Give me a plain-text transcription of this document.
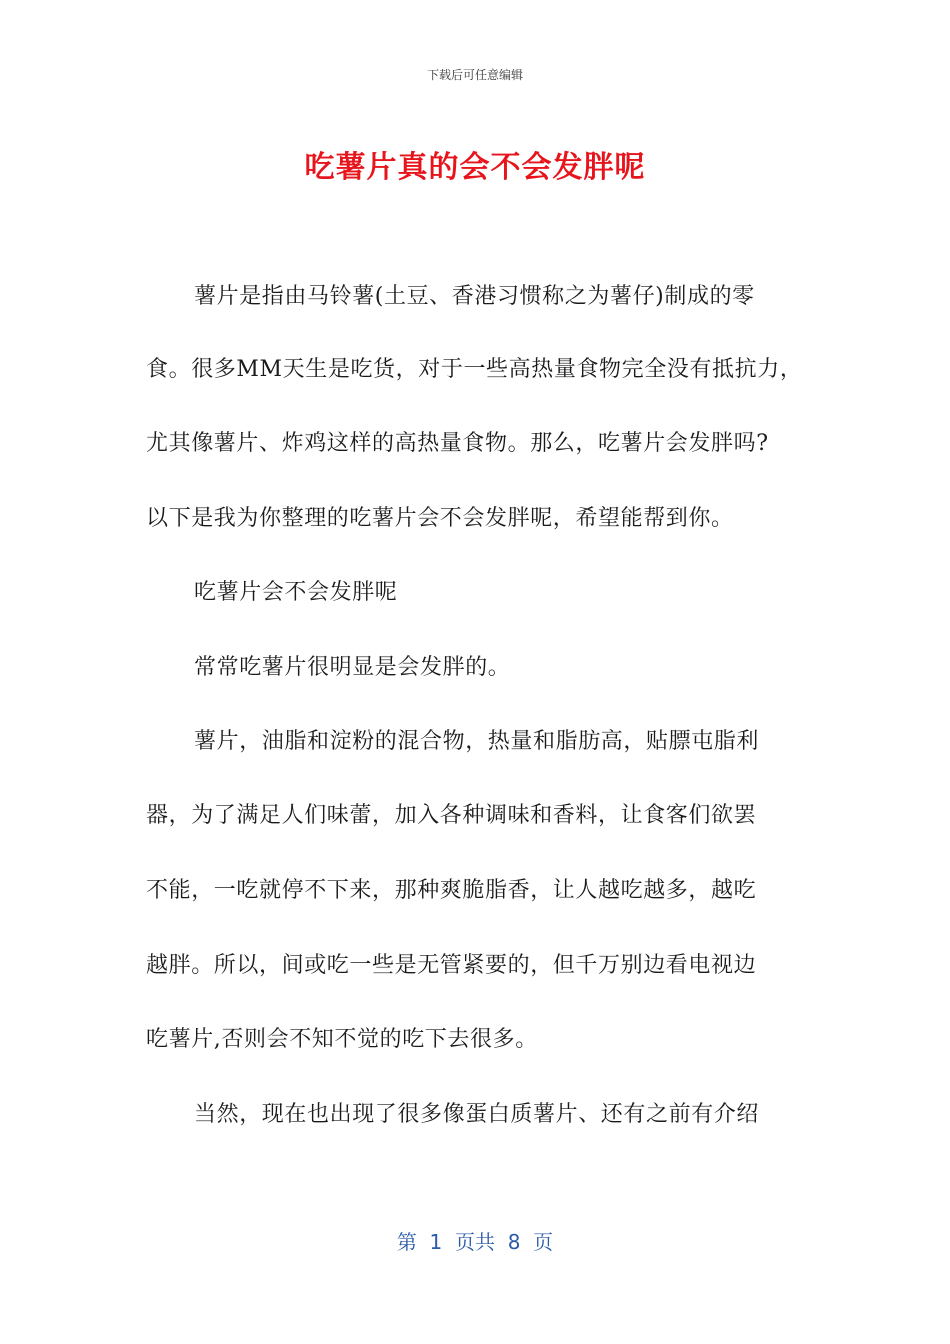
下载后可任意编辑
吃薯片真的会不会发胖呢
薯片是指由马铃薯(土豆、香港习惯称之为薯仔)制成的零
食。很多MM天生是吃货，对于一些高热量食物完全没有抵抗力，
尤其像薯片、炸鸡这样的高热量食物。那么，吃薯片会发胖吗?
以下是我为你整理的吃薯片会不会发胖呢，希望能帮到你。
吃薯片会不会发胖呢
常常吃薯片很明显是会发胖的。
薯片，油脂和淀粉的混合物，热量和脂肪高，贴膘屯脂利
器，为了满足人们味蕾，加入各种调味和香料，让食客们欲罢
不能，一吃就停不下来，那种爽脆脂香，让人越吃越多，越吃
越胖。所以，间或吃一些是无管紧要的，但千万别边看电视边
吃薯片,否则会不知不觉的吃下去很多。
当然，现在也出现了很多像蛋白质薯片、还有之前有介绍
第  1  页共  8  页
